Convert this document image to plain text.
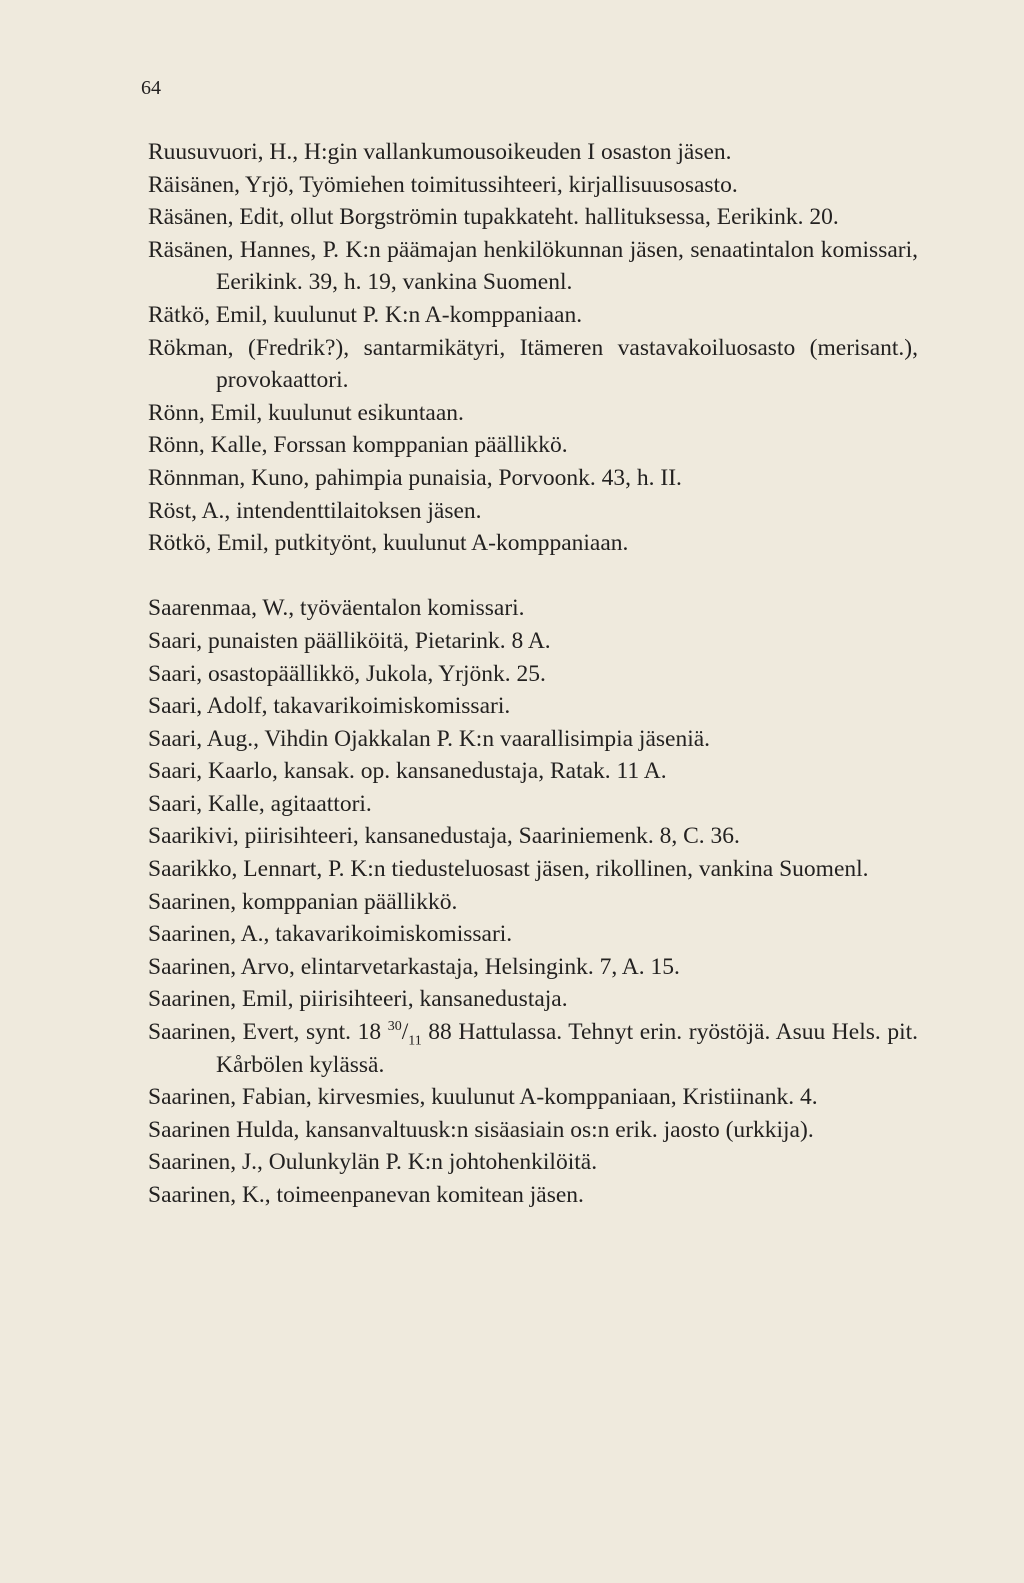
64
Ruusuvuori, H., H:gin vallankumousoikeuden I osaston jäsen.
Räisänen, Yrjö, Työmiehen toimitussihteeri, kirjallisuusosasto.
Räsänen, Edit, ollut Borgströmin tupakkateht. hallituksessa, Eerikink. 20.
Räsänen, Hannes, P. K:n päämajan henkilökunnan jäsen, senaatintalon komissari, Eerikink. 39, h. 19, vankina Suomenl.
Rätkö, Emil, kuulunut P. K:n A-komppaniaan.
Rökman, (Fredrik?), santarmikätyri, Itämeren vastavakoiluosasto (merisant.), provokaattori.
Rönn, Emil, kuulunut esikuntaan.
Rönn, Kalle, Forssan komppanian päällikkö.
Rönnman, Kuno, pahimpia punaisia, Porvoonk. 43, h. II.
Röst, A., intendenttilaitoksen jäsen.
Rötkö, Emil, putkityönt, kuulunut A-komppaniaan.
Saarenmaa, W., työväentalon komissari.
Saari, punaisten päälliköitä, Pietarink. 8 A.
Saari, osastopäällikkö, Jukola, Yrjönk. 25.
Saari, Adolf, takavarikoimiskomissari.
Saari, Aug., Vihdin Ojakkalan P. K:n vaarallisimpia jäseniä.
Saari, Kaarlo, kansak. op. kansanedustaja, Ratak. 11 A.
Saari, Kalle, agitaattori.
Saarikivi, piirisihteeri, kansanedustaja, Saariniemenk. 8, C. 36.
Saarikko, Lennart, P. K:n tiedusteluosast jäsen, rikollinen, vankina Suomenl.
Saarinen, komppanian päällikkö.
Saarinen, A., takavarikoimiskomissari.
Saarinen, Arvo, elintarvetarkastaja, Helsingink. 7, A. 15.
Saarinen, Emil, piirisihteeri, kansanedustaja.
Saarinen, Evert, synt. 18 $^{30}/_{11}$ 88 Hattulassa. Tehnyt erin. ryöstöjä. Asuu Hels. pit. Kårbölen kylässä.
Saarinen, Fabian, kirvesmies, kuulunut A-komppaniaan, Kristiinank. 4.
Saarinen Hulda, kansanvaltuusk:n sisäasiain os:n erik. jaosto (urkkija).
Saarinen, J., Oulunkylän P. K:n johtohenkilöitä.
Saarinen, K., toimeenpanevan komitean jäsen.
